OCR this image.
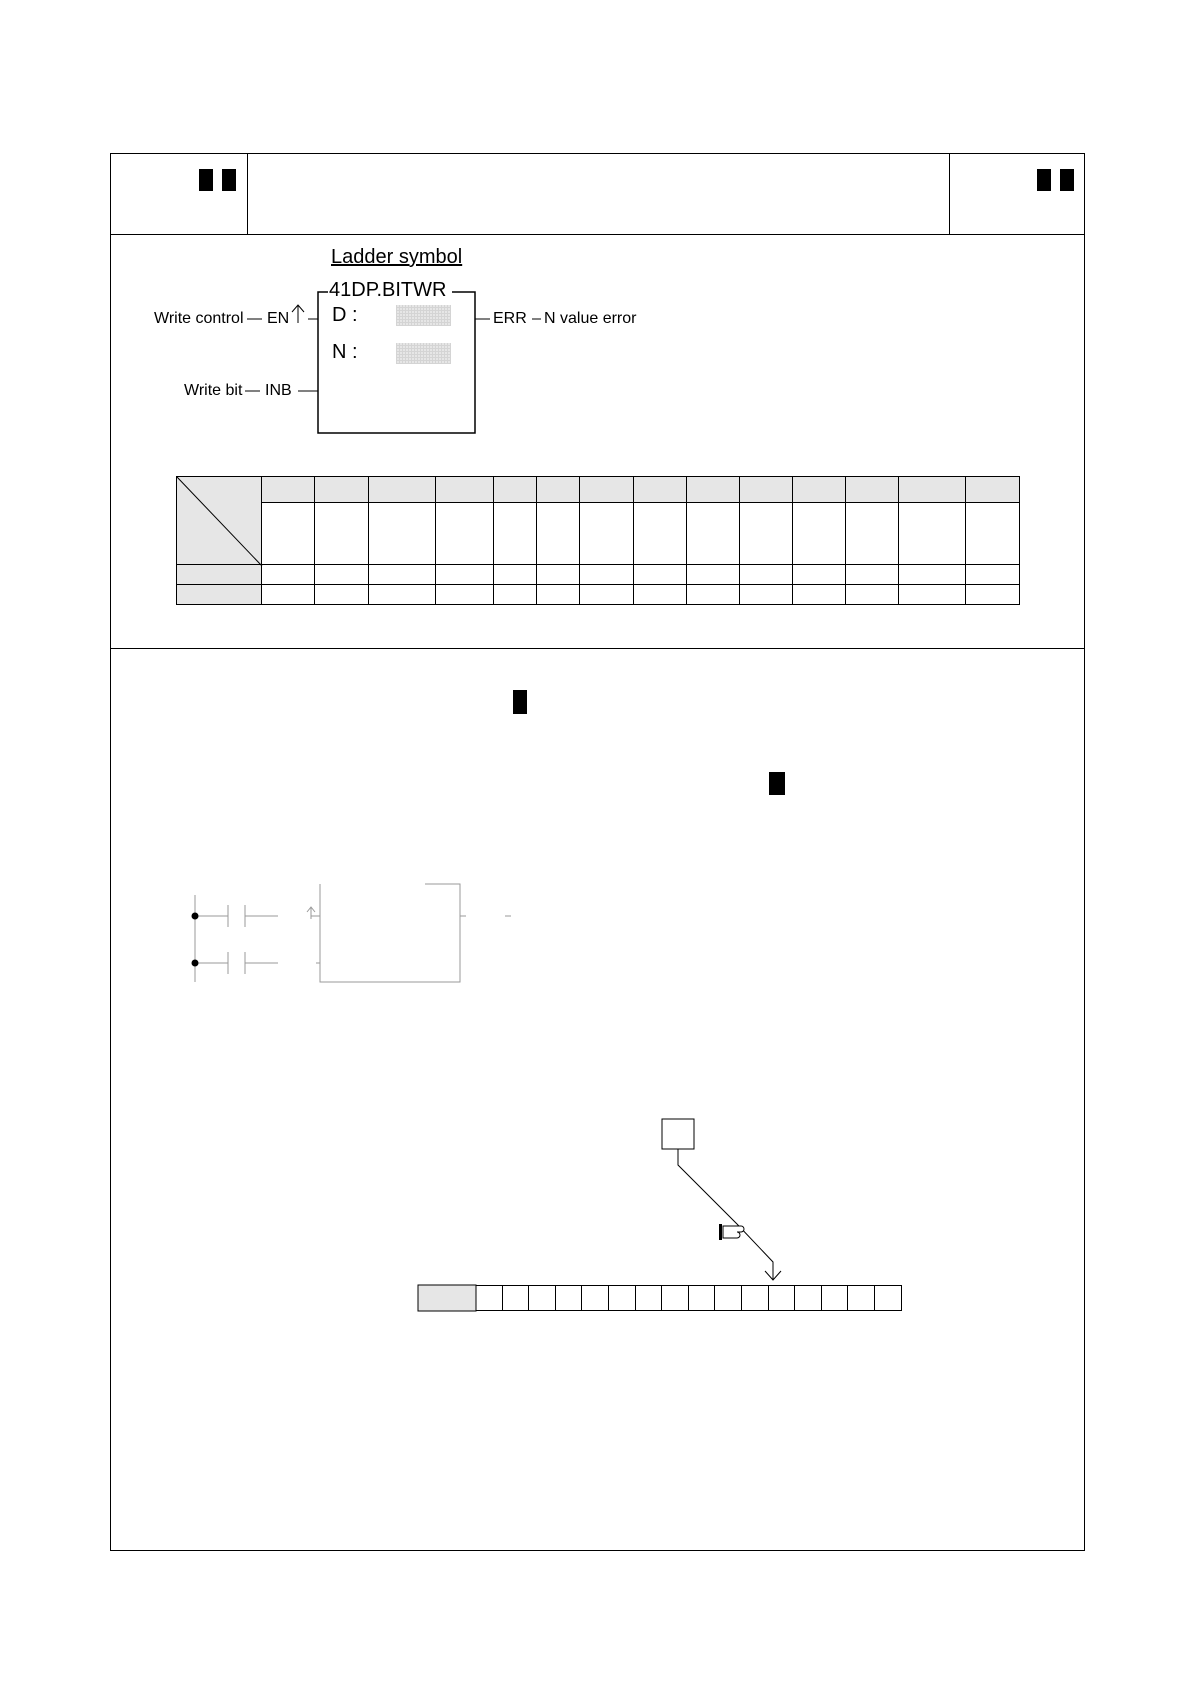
Ladder symbol
41DP.BITWR
Write control EN D :
N :
Write bit INB
ERR N value error
